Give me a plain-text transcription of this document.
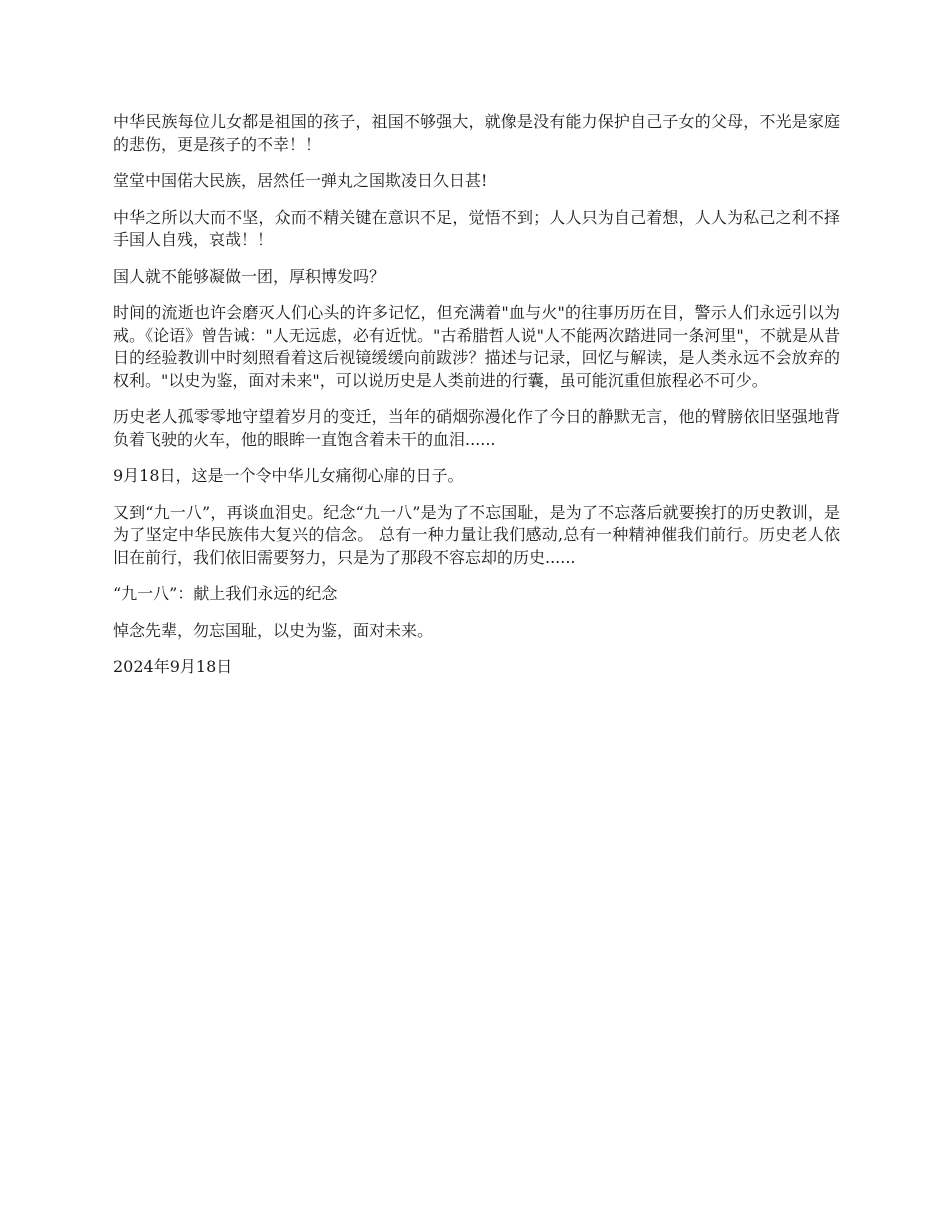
中华民族每位儿女都是祖国的孩子，祖国不够强大，就像是没有能力保护自己子女的父母，不光是家庭的悲伤，更是孩子的不幸！！

堂堂中国偌大民族，居然任一弹丸之国欺凌日久日甚!

中华之所以大而不坚，众而不精关键在意识不足，觉悟不到；人人只为自己着想，人人为私己之利不择手国人自残，哀哉！！

国人就不能够凝做一团，厚积博发吗？

时间的流逝也许会磨灭人们心头的许多记忆，但充满着"血与火"的往事历历在目，警示人们永远引以为戒。《论语》曾告诫："人无远虑，必有近忧。"古希腊哲人说"人不能两次踏进同一条河里"，不就是从昔日的经验教训中时刻照看着这后视镜缓缓向前跋涉？描述与记录，回忆与解读，是人类永远不会放弃的权利。"以史为鉴，面对未来"，可以说历史是人类前进的行囊，虽可能沉重但旅程必不可少。

历史老人孤零零地守望着岁月的变迁，当年的硝烟弥漫化作了今日的静默无言，他的臂膀依旧坚强地背负着飞驶的火车，他的眼眸一直饱含着未干的血泪......

9月18日，这是一个令中华儿女痛彻心扉的日子。

又到“九一八”，再谈血泪史。纪念“九一八”是为了不忘国耻，是为了不忘落后就要挨打的历史教训，是为了坚定中华民族伟大复兴的信念。 总有一种力量让我们感动,总有一种精神催我们前行。历史老人依旧在前行，我们依旧需要努力，只是为了那段不容忘却的历史......

“九一八”：献上我们永远的纪念

悼念先辈，勿忘国耻，以史为鉴，面对未来。

2024年9月18日
